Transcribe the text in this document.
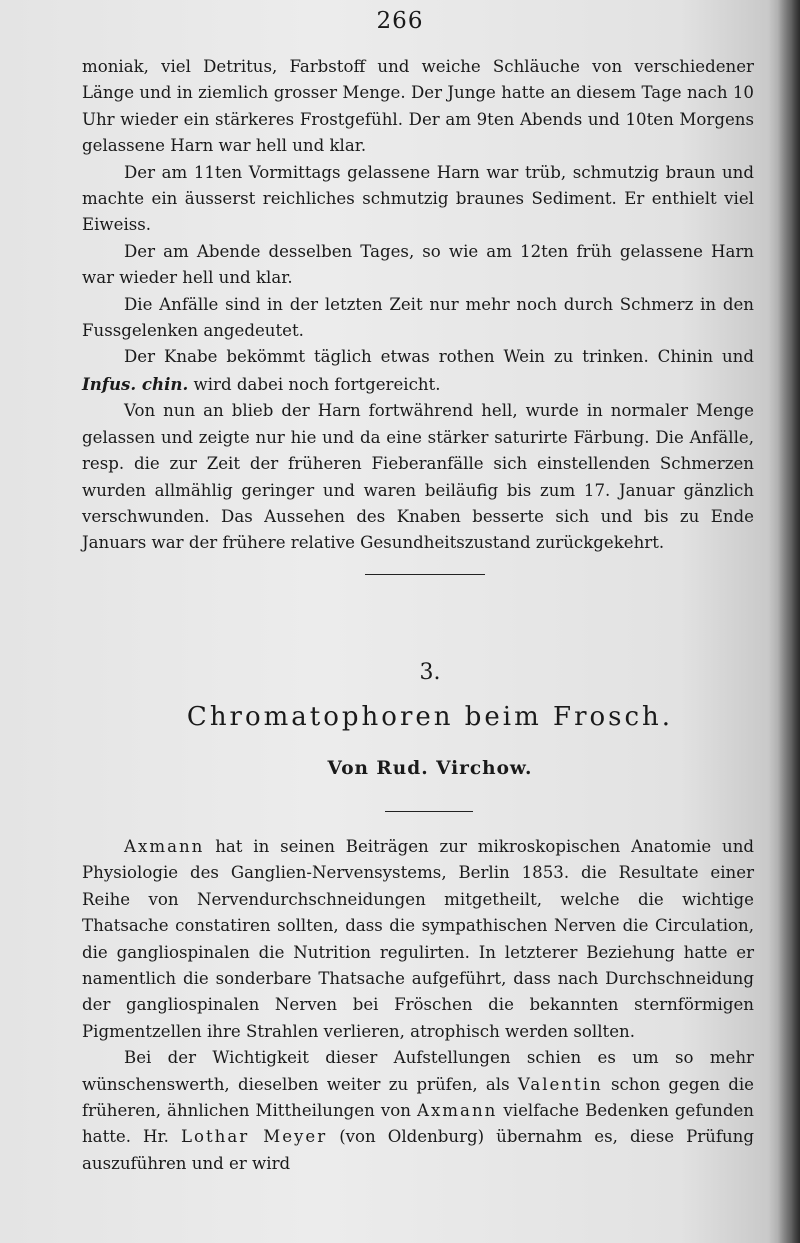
266

moniak, viel Detritus, Farbstoff und weiche Schläuche von verschiedener Länge und in ziemlich grosser Menge. Der Junge hatte an diesem Tage nach 10 Uhr wieder ein stärkeres Frostgefühl. Der am 9ten Abends und 10ten Morgens gelassene Harn war hell und klar.

Der am 11ten Vormittags gelassene Harn war trüb, schmutzig braun und machte ein äusserst reichliches schmutzig braunes Sediment. Er enthielt viel Eiweiss.

Der am Abende desselben Tages, so wie am 12ten früh gelassene Harn war wieder hell und klar.

Die Anfälle sind in der letzten Zeit nur mehr noch durch Schmerz in den Fussgelenken angedeutet.

Der Knabe bekömmt täglich etwas rothen Wein zu trinken. Chinin und Infus. chin. wird dabei noch fortgereicht.

Von nun an blieb der Harn fortwährend hell, wurde in normaler Menge gelassen und zeigte nur hie und da eine stärker saturirte Färbung. Die Anfälle, resp. die zur Zeit der früheren Fieberanfälle sich einstellenden Schmerzen wurden allmählig geringer und waren beiläufig bis zum 17. Januar gänzlich verschwunden. Das Aussehen des Knaben besserte sich und bis zu Ende Januars war der frühere relative Gesundheitszustand zurückgekehrt.

3.
Chromatophoren beim Frosch.
Von Rud. Virchow.

Axmann hat in seinen Beiträgen zur mikroskopischen Anatomie und Physiologie des Ganglien-Nervensystems, Berlin 1853. die Resultate einer Reihe von Nervendurchschneidungen mitgetheilt, welche die wichtige Thatsache constatiren sollten, dass die sympathischen Nerven die Circulation, die gangliospinalen die Nutrition regulirten. In letzterer Beziehung hatte er namentlich die sonderbare Thatsache aufgeführt, dass nach Durchschneidung der gangliospinalen Nerven bei Fröschen die bekannten sternförmigen Pigmentzellen ihre Strahlen verlieren, atrophisch werden sollten.

Bei der Wichtigkeit dieser Aufstellungen schien es um so mehr wünschenswerth, dieselben weiter zu prüfen, als Valentin schon gegen die früheren, ähnlichen Mittheilungen von Axmann vielfache Bedenken gefunden hatte. Hr. Lothar Meyer (von Oldenburg) übernahm es, diese Prüfung auszuführen und er wird
